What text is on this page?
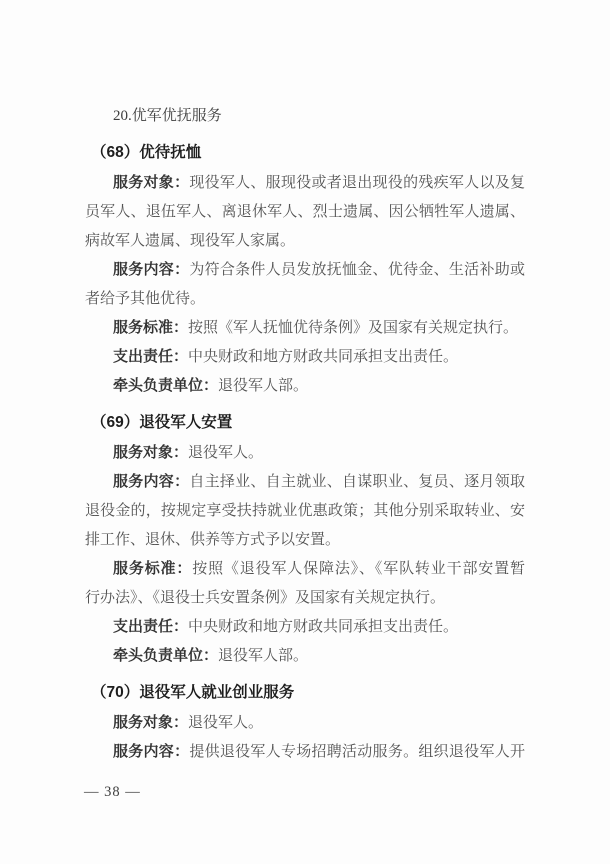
20.优军优抚服务
（68）优待抚恤
服务对象：现役军人、服现役或者退出现役的残疾军人以及复
员军人、退伍军人、离退休军人、烈士遗属、因公牺牲军人遗属、
病故军人遗属、现役军人家属。
服务内容：为符合条件人员发放抚恤金、优待金、生活补助或
者给予其他优待。
服务标准：按照《军人抚恤优待条例》及国家有关规定执行。
支出责任：中央财政和地方财政共同承担支出责任。
牵头负责单位：退役军人部。
（69）退役军人安置
服务对象：退役军人。
服务内容：自主择业、自主就业、自谋职业、复员、逐月领取
退役金的，按规定享受扶持就业优惠政策；其他分别采取转业、安
排工作、退休、供养等方式予以安置。
服务标准：按照《退役军人保障法》、《军队转业干部安置暂
行办法》、《退役士兵安置条例》及国家有关规定执行。
支出责任：中央财政和地方财政共同承担支出责任。
牵头负责单位：退役军人部。
（70）退役军人就业创业服务
服务对象：退役军人。
服务内容：提供退役军人专场招聘活动服务。组织退役军人开
— 38 —
